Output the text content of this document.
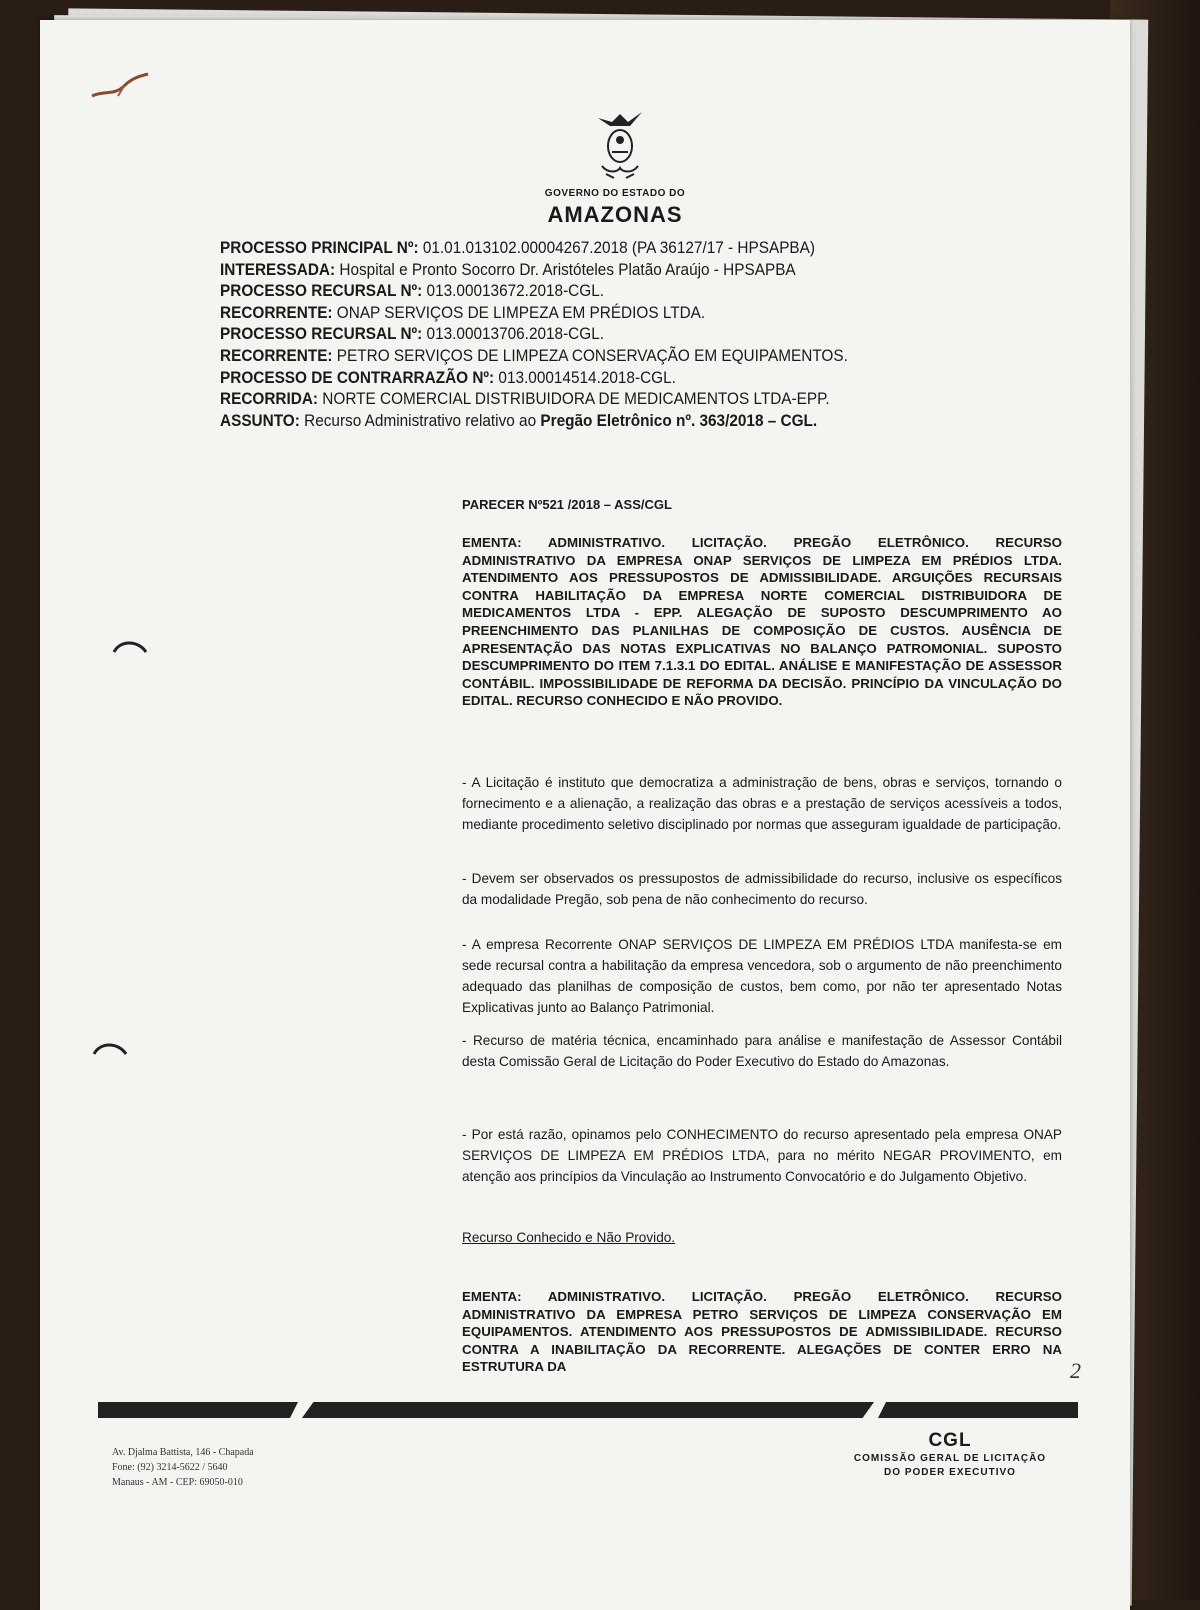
GOVERNO DO ESTADO DO
AMAZONAS
PROCESSO PRINCIPAL Nº: 01.01.013102.00004267.2018 (PA 36127/17 - HPSAPBA)
INTERESSADA: Hospital e Pronto Socorro Dr. Aristóteles Platão Araújo - HPSAPBA
PROCESSO RECURSAL Nº: 013.00013672.2018-CGL.
RECORRENTE: ONAP SERVIÇOS DE LIMPEZA EM PRÉDIOS LTDA.
PROCESSO RECURSAL Nº: 013.00013706.2018-CGL.
RECORRENTE: PETRO SERVIÇOS DE LIMPEZA CONSERVAÇÃO EM EQUIPAMENTOS.
PROCESSO DE CONTRARRAZÃO Nº: 013.00014514.2018-CGL.
RECORRIDA: NORTE COMERCIAL DISTRIBUIDORA DE MEDICAMENTOS LTDA-EPP.
ASSUNTO: Recurso Administrativo relativo ao Pregão Eletrônico nº. 363/2018 – CGL.
PARECER Nº521 /2018 – ASS/CGL
EMENTA: ADMINISTRATIVO. LICITAÇÃO. PREGÃO ELETRÔNICO. RECURSO ADMINISTRATIVO DA EMPRESA ONAP SERVIÇOS DE LIMPEZA EM PRÉDIOS LTDA. ATENDIMENTO AOS PRESSUPOSTOS DE ADMISSIBILIDADE. ARGUIÇÕES RECURSAIS CONTRA HABILITAÇÃO DA EMPRESA NORTE COMERCIAL DISTRIBUIDORA DE MEDICAMENTOS LTDA - EPP. ALEGAÇÃO DE SUPOSTO DESCUMPRIMENTO AO PREENCHIMENTO DAS PLANILHAS DE COMPOSIÇÃO DE CUSTOS. AUSÊNCIA DE APRESENTAÇÃO DAS NOTAS EXPLICATIVAS NO BALANÇO PATROMONIAL. SUPOSTO DESCUMPRIMENTO DO ITEM 7.1.3.1 DO EDITAL. ANÁLISE E MANIFESTAÇÃO DE ASSESSOR CONTÁBIL. IMPOSSIBILIDADE DE REFORMA DA DECISÃO. PRINCÍPIO DA VINCULAÇÃO DO EDITAL. RECURSO CONHECIDO E NÃO PROVIDO.
- A Licitação é instituto que democratiza a administração de bens, obras e serviços, tornando o fornecimento e a alienação, a realização das obras e a prestação de serviços acessíveis a todos, mediante procedimento seletivo disciplinado por normas que asseguram igualdade de participação.
- Devem ser observados os pressupostos de admissibilidade do recurso, inclusive os específicos da modalidade Pregão, sob pena de não conhecimento do recurso.
- A empresa Recorrente ONAP SERVIÇOS DE LIMPEZA EM PRÉDIOS LTDA manifesta-se em sede recursal contra a habilitação da empresa vencedora, sob o argumento de não preenchimento adequado das planilhas de composição de custos, bem como, por não ter apresentado Notas Explicativas junto ao Balanço Patrimonial.
- Recurso de matéria técnica, encaminhado para análise e manifestação de Assessor Contábil desta Comissão Geral de Licitação do Poder Executivo do Estado do Amazonas.
- Por está razão, opinamos pelo CONHECIMENTO do recurso apresentado pela empresa ONAP SERVIÇOS DE LIMPEZA EM PRÉDIOS LTDA, para no mérito NEGAR PROVIMENTO, em atenção aos princípios da Vinculação ao Instrumento Convocatório e do Julgamento Objetivo.
Recurso Conhecido e Não Provido.
EMENTA: ADMINISTRATIVO. LICITAÇÃO. PREGÃO ELETRÔNICO. RECURSO ADMINISTRATIVO DA EMPRESA PETRO SERVIÇOS DE LIMPEZA CONSERVAÇÃO EM EQUIPAMENTOS. ATENDIMENTO AOS PRESSUPOSTOS DE ADMISSIBILIDADE. RECURSO CONTRA A INABILITAÇÃO DA RECORRENTE. ALEGAÇÕES DE CONTER ERRO NA ESTRUTURA DA	2
Av. Djalma Battista, 146 - Chapada
Fone: (92) 3214-5622 / 5640
Manaus - AM - CEP: 69050-010
CGL
COMISSÃO GERAL DE LICITAÇÃO
DO PODER EXECUTIVO
